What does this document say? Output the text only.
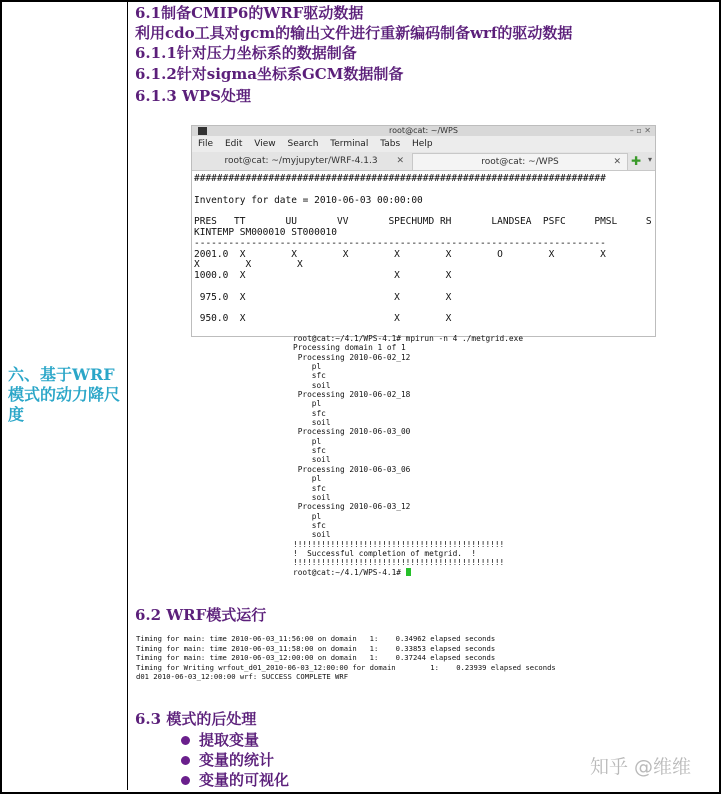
六、基于WRF模式的动力降尺度
6.1制备CMIP6的WRF驱动数据
利用cdo工具对gcm的输出文件进行重新编码制备wrf的驱动数据
6.1.1针对压力坐标系的数据制备
6.1.2针对sigma坐标系GCM数据制备
6.1.3 WPS处理
root@cat: ~/WPS	– ▫ ✕
File Edit View Search Terminal Tabs Help
root@cat: ~/myjupyter/WRF-4.1.3 ✕	root@cat: ~/WPS	✕ ✚ ▾
########################################################################

Inventory for date = 2010-06-03 00:00:00

PRES   TT       UU       VV       SPECHUMD RH       LANDSEA  PSFC     PMSL     S
KINTEMP SM000010 ST000010
------------------------------------------------------------------------
2001.0  X        X        X        X        X        O        X        X
X        X        X
1000.0  X                          X        X

975.0  X                          X        X

950.0  X                          X        X

root@cat:~/4.1/WPS-4.1# mpirun -n 4 ./metgrid.exe
Processing domain 1 of 1
Processing 2010-06-02_12
pl
sfc
soil
Processing 2010-06-02_18
pl
sfc
soil
Processing 2010-06-03_00
pl
sfc
soil
Processing 2010-06-03_06
pl
sfc
soil
Processing 2010-06-03_12
pl
sfc
soil
!!!!!!!!!!!!!!!!!!!!!!!!!!!!!!!!!!!!!!!!!!!!!
!  Successful completion of metgrid.  !
!!!!!!!!!!!!!!!!!!!!!!!!!!!!!!!!!!!!!!!!!!!!!
root@cat:~/4.1/WPS-4.1#
6.2 WRF模式运行
Timing for main: time 2010-06-03_11:56:00 on domain   1:    0.34962 elapsed seconds
Timing for main: time 2010-06-03_11:58:00 on domain   1:    0.33853 elapsed seconds
Timing for main: time 2010-06-03_12:00:00 on domain   1:    0.37244 elapsed seconds
Timing for Writing wrfout_d01_2010-06-03_12:00:00 for domain        1:    0.23939 elapsed seconds
d01 2010-06-03_12:00:00 wrf: SUCCESS COMPLETE WRF
6.3 模式的后处理
提取变量
变量的统计
变量的可视化
知乎 @维维
